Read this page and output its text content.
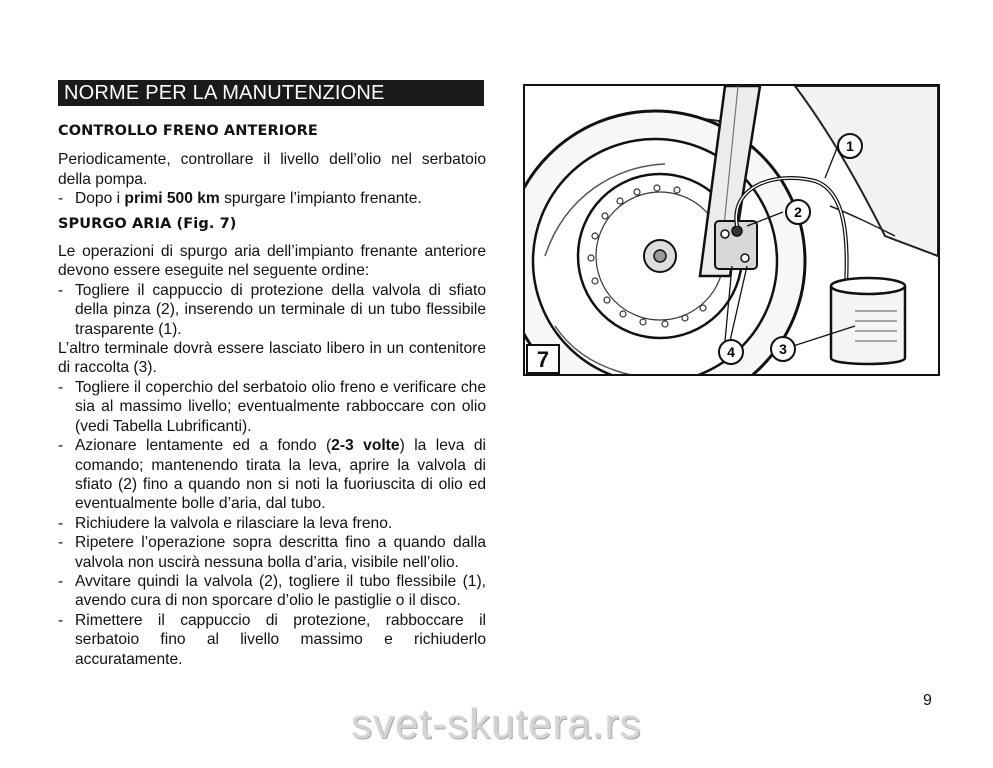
NORME PER LA MANUTENZIONE
CONTROLLO FRENO ANTERIORE

Periodicamente, controllare il livello dell’olio nel serbatoio della pompa.

- Dopo i primi 500 km spurgare l’impianto frenante.
SPURGO ARIA (Fig. 7)

Le operazioni di spurgo aria dell’impianto frenante anteriore devono essere eseguite nel seguente ordine:

- Togliere il cappuccio di protezione della valvola di sfiato della pinza (2), inserendo un terminale di un tubo flessibile trasparente (1).

L’altro terminale dovrà essere lasciato libero in un contenitore di raccolta (3).

- Togliere il coperchio del serbatoio olio freno e verificare che sia al massimo livello; eventualmente rabboccare con olio (vedi Tabella Lubrificanti).
- Azionare lentamente ed a fondo (2-3 volte) la leva di comando; mantenendo tirata la leva, aprire la valvola di sfiato (2) fino a quando non si noti la fuoriuscita di olio ed eventualmente bolle d’aria, dal tubo.
- Richiudere la valvola e rilasciare la leva freno.
- Ripetere l’operazione sopra descritta fino a quando dalla valvola non uscirà nessuna bolla d’aria, visibile nell’olio.
- Avvitare quindi la valvola (2), togliere il tubo flessibile (1), avendo cura di non sporcare d’olio le pastiglie o il disco.
- Rimettere il cappuccio di protezione, rabboccare il serbatoio fino al livello massimo e richiuderlo accuratamente.
1
2
3
4
7
9
svet-skutera.rs
